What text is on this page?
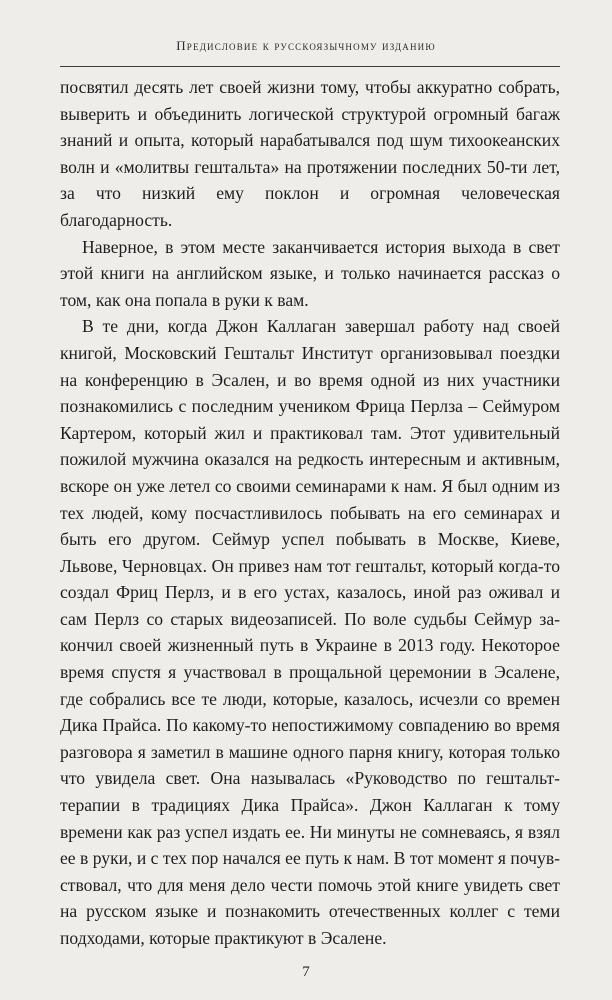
Предисловие к русскоязычному изданию

посвятил десять лет своей жизни тому, чтобы аккуратно собрать, выверить и объединить логической структурой огромный багаж знаний и опыта, который нарабатывался под шум тихоокеанских волн и «молитвы гештальта» на протяжении последних 50-ти лет, за что низкий ему поклон и огромная человеческая благодарность.

Наверное, в этом месте заканчивается история выхода в свет этой книги на английском языке, и только начинается рассказ о том, как она попала в руки к вам.

В те дни, когда Джон Каллаган завершал работу над своей книгой, Московский Гештальт Институт организовывал поездки на конференцию в Эсален, и во время одной из них участники познакомились с последним учеником Фрица Перлза – Сеймуром Картером, который жил и практиковал там. Этот удивительный пожилой мужчина оказался на редкость интересным и активным, вскоре он уже летел со своими семинарами к нам. Я был одним из тех людей, кому посчастливилось побывать на его семинарах и быть его другом. Сеймур успел побывать в Москве, Киеве, Львове, Черновцах. Он привез нам тот гештальт, который когда-то создал Фриц Перлз, и в его устах, казалось, иной раз оживал и сам Перлз со старых видеозаписей. По воле судьбы Сеймур закончил своей жизненный путь в Украине в 2013 году. Некоторое время спустя я участвовал в прощальной церемонии в Эсалене, где собрались все те люди, которые, казалось, исчезли со времен Дика Прайса. По какому-то непостижимому совпадению во время разговора я заметил в машине одного парня книгу, которая только что увидела свет. Она называлась «Руководство по гештальт-терапии в традициях Дика Прайса». Джон Каллаган к тому времени как раз успел издать ее. Ни минуты не сомневаясь, я взял ее в руки, и с тех пор начался ее путь к нам. В тот момент я почувствовал, что для меня дело чести помочь этой книге увидеть свет на русском языке и познакомить отечественных коллег с теми подходами, которые практикуют в Эсалене.

7
